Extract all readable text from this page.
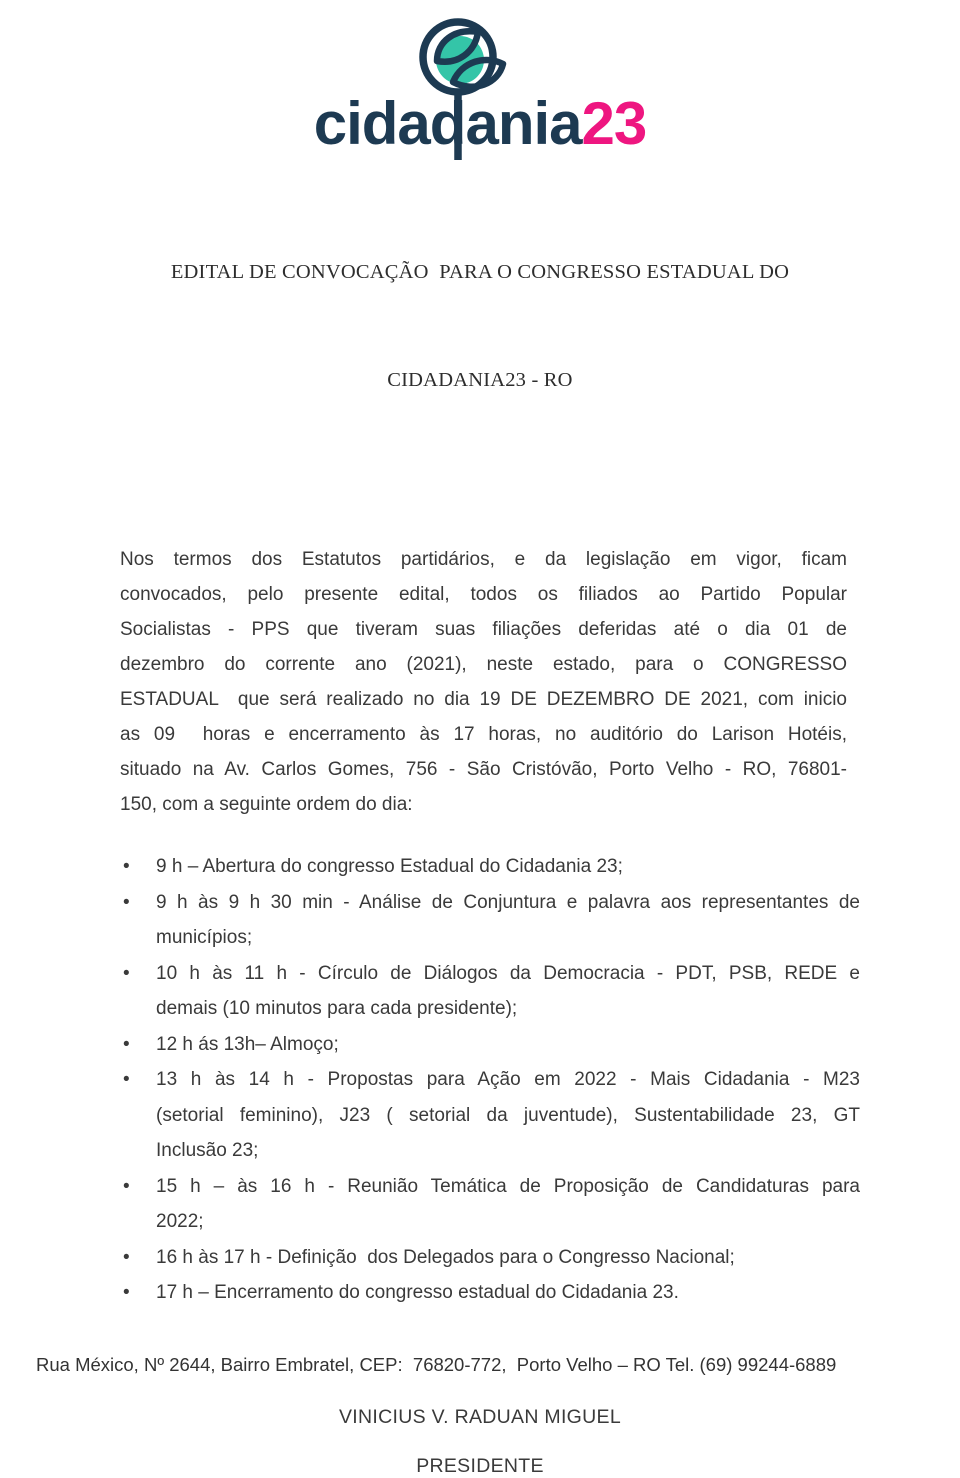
cidadania23

EDITAL DE CONVOCAÇÃO  PARA O CONGRESSO ESTADUAL DO

CIDADANIA23 - RO

Nos termos dos Estatutos partidários, e da legislação em vigor, ficam
convocados, pelo presente edital, todos os filiados ao Partido Popular
Socialistas - PPS que tiveram suas filiações deferidas até o dia 01 de
dezembro do corrente ano (2021), neste estado, para o CONGRESSO
ESTADUAL  que será realizado no dia 19 DE DEZEMBRO DE 2021, com inicio
as 09  horas e encerramento às 17 horas, no auditório do Larison Hotéis,
situado na Av. Carlos Gomes, 756 - São Cristóvão, Porto Velho - RO, 76801-
150, com a seguinte ordem do dia:
• 9 h – Abertura do congresso Estadual do Cidadania 23;
• 9 h às 9 h 30 min - Análise de Conjuntura e palavra aos representantes de
municípios;
• 10 h às 11 h - Círculo de Diálogos da Democracia - PDT, PSB, REDE e
demais (10 minutos para cada presidente);
• 12 h ás 13h– Almoço;
• 13 h às 14 h - Propostas para Ação em 2022 - Mais Cidadania - M23
(setorial feminino), J23 ( setorial da juventude), Sustentabilidade 23, GT
Inclusão 23;
• 15 h – às 16 h - Reunião Temática de Proposição de Candidaturas para
2022;
• 16 h às 17 h - Definição  dos Delegados para o Congresso Nacional;
• 17 h – Encerramento do congresso estadual do Cidadania 23.
VINICIUS V. RADUAN MIGUEL
PRESIDENTE
Rua México, Nº 2644, Bairro Embratel, CEP:  76820-772,  Porto Velho – RO Tel. (69) 99244-6889
